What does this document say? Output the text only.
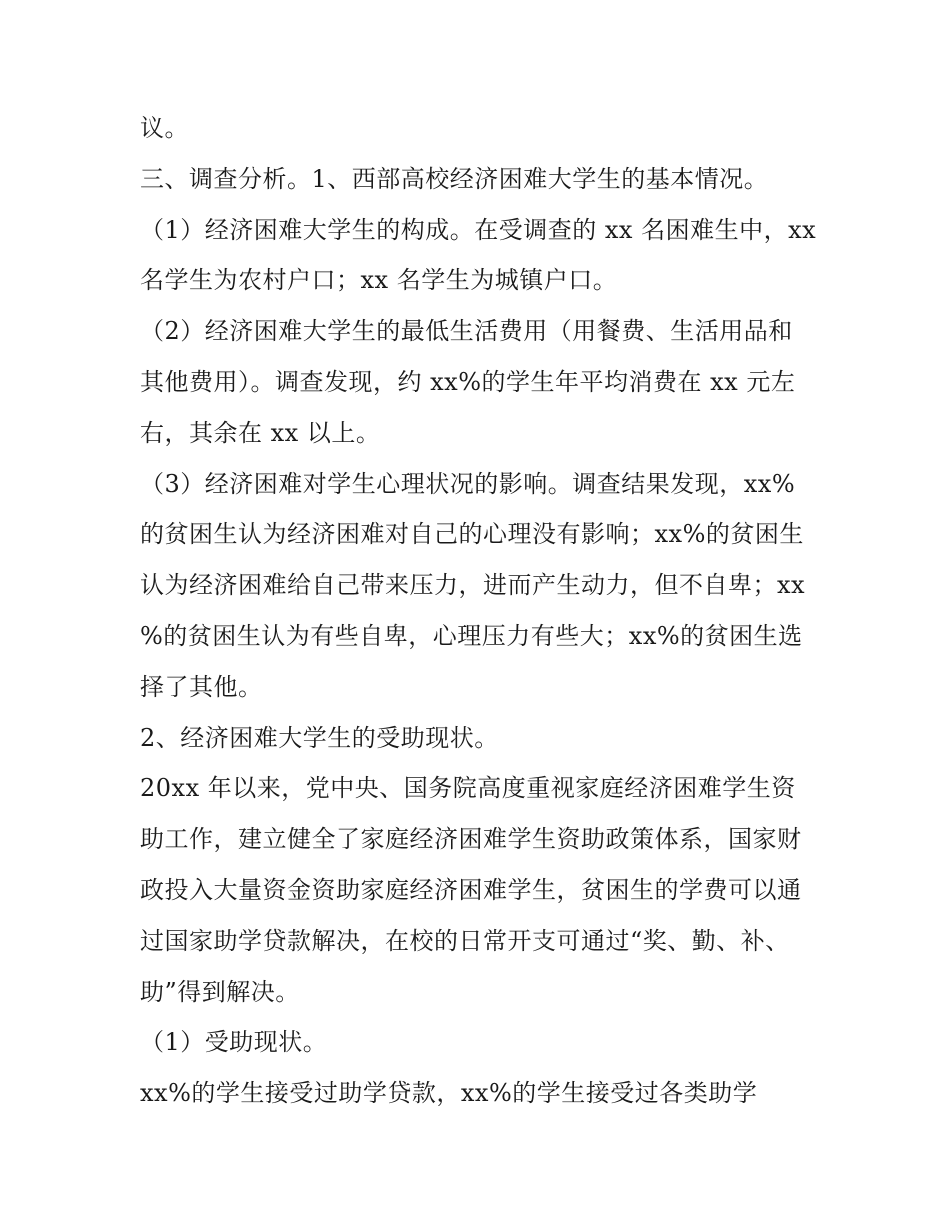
议。
三、调查分析。1、西部高校经济困难大学生的基本情况。
（1）经济困难大学生的构成。在受调查的 xx 名困难生中，xx
名学生为农村户口；xx 名学生为城镇户口。
（2）经济困难大学生的最低生活费用（用餐费、生活用品和
其他费用）。调查发现，约 xx%的学生年平均消费在 xx 元左
右，其余在 xx 以上。
（3）经济困难对学生心理状况的影响。调查结果发现，xx%
的贫困生认为经济困难对自己的心理没有影响；xx%的贫困生
认为经济困难给自己带来压力，进而产生动力，但不自卑；xx
%的贫困生认为有些自卑，心理压力有些大；xx%的贫困生选
择了其他。
2、经济困难大学生的受助现状。
20xx 年以来，党中央、国务院高度重视家庭经济困难学生资
助工作，建立健全了家庭经济困难学生资助政策体系，国家财
政投入大量资金资助家庭经济困难学生，贫困生的学费可以通
过国家助学贷款解决，在校的日常开支可通过“奖、勤、补、
助”得到解决。
（1）受助现状。
xx%的学生接受过助学贷款，xx%的学生接受过各类助学
